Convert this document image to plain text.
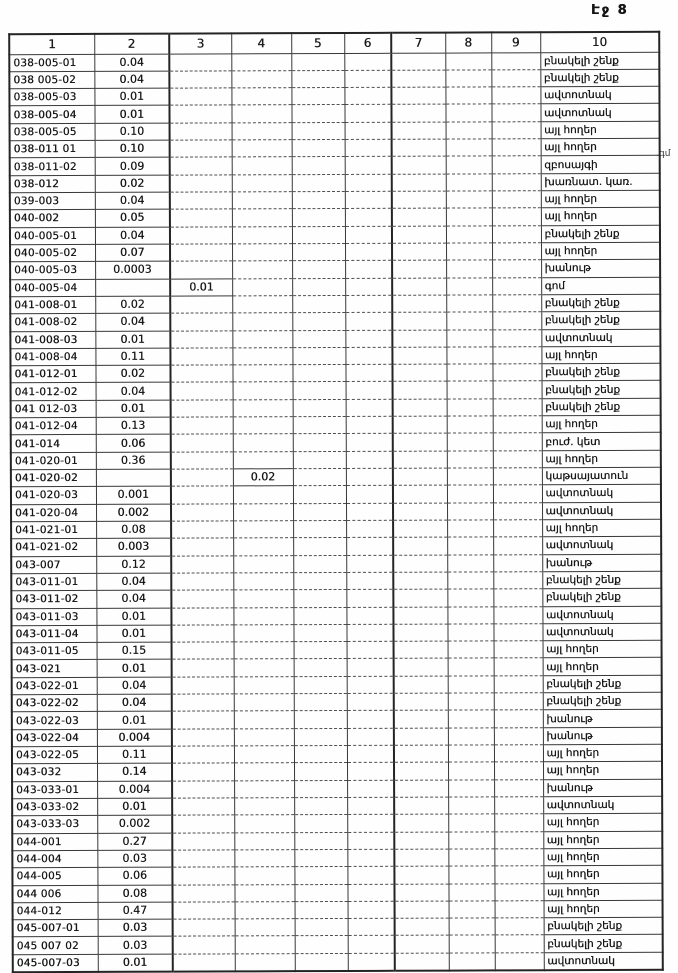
Էջ 8
.գմ
1	2	3	4	5	6	7	8	9	10
038-005-01	0.04								բնակելի շենք
038 005-02	0.04								բնակելի շենք
038-005-03	0.01								ավտոտնակ
038-005-04	0.01								ավտոտնակ
038-005-05	0.10								այլ հողեր
038-011 01	0.10								այլ հողեր
038-011-02	0.09								զբոսայգի
038-012	0.02								խառնատ. կառ.
039-003	0.04								այլ հողեր
040-002	0.05								այլ հողեր
040-005-01	0.04								բնակելի շենք
040-005-02	0.07								այլ հողեր
040-005-03	0.0003								խանութ
040-005-04		0.01							գոմ
041-008-01	0.02								բնակելի շենք
041-008-02	0.04								բնակելի շենք
041-008-03	0.01								ավտոտնակ
041-008-04	0.11								այլ հողեր
041-012-01	0.02								բնակելի շենք
041-012-02	0.04								բնակելի շենք
041 012-03	0.01								բնակելի շենք
041-012-04	0.13								այլ հողեր
041-014	0.06								բուժ. կետ
041-020-01	0.36								այլ հողեր
041-020-02			0.02						կաթսայատուն
041-020-03	0.001								ավտոտնակ
041-020-04	0.002								ավտոտնակ
041-021-01	0.08								այլ հողեր
041-021-02	0.003								ավտոտնակ
043-007	0.12								խանութ
043-011-01	0.04								բնակելի շենք
043-011-02	0.04								բնակելի շենք
043-011-03	0.01								ավտոտնակ
043-011-04	0.01								ավտոտնակ
043-011-05	0.15								այլ հողեր
043-021	0.01								այլ հողեր
043-022-01	0.04								բնակելի շենք
043-022-02	0.04								բնակելի շենք
043-022-03	0.01								խանութ
043-022-04	0.004								խանութ
043-022-05	0.11								այլ հողեր
043-032	0.14								այլ հողեր
043-033-01	0.004								խանութ
043-033-02	0.01								ավտոտնակ
043-033-03	0.002								այլ հողեր
044-001	0.27								այլ հողեր
044-004	0.03								այլ հողեր
044-005	0.06								այլ հողեր
044 006	0.08								այլ հողեր
044-012	0.47								այլ հողեր
045-007-01	0.03								բնակելի շենք
045 007 02	0.03								բնակելի շենք
045-007-03	0.01								ավտոտնակ
